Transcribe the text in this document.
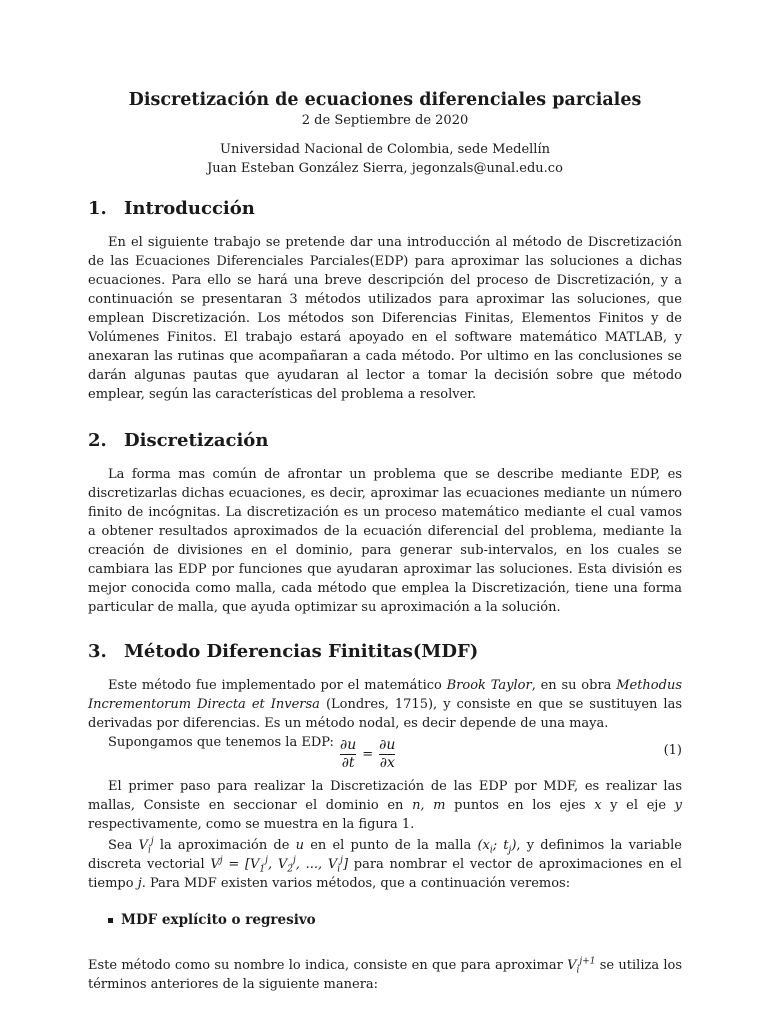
Discretización de ecuaciones diferenciales parciales
2 de Septiembre de 2020
Universidad Nacional de Colombia, sede Medellín
Juan Esteban González Sierra, jegonzals@unal.edu.co
1. Introducción

En el siguiente trabajo se pretende dar una introducción al método de Discretización de las Ecuaciones Diferenciales Parciales(EDP) para aproximar las soluciones a dichas ecuaciones. Para ello se hará una breve descripción del proceso de Discretización, y a continuación se presentaran 3 métodos utilizados para aproximar las soluciones, que emplean Discretización. Los métodos son Diferencias Finitas, Elementos Finitos y de Volúmenes Finitos. El trabajo estará apoyado en el software matemático MATLAB, y anexaran las rutinas que acompañaran a cada método. Por ultimo en las conclusiones se darán algunas pautas que ayudaran al lector a tomar la decisión sobre que método emplear, según las características del problema a resolver.

2. Discretización

La forma mas común de afrontar un problema que se describe mediante EDP, es discretizarlas dichas ecuaciones, es decir, aproximar las ecuaciones mediante un número finito de incógnitas. La discretización es un proceso matemático mediante el cual vamos a obtener resultados aproximados de la ecuación diferencial del problema, mediante la creación de divisiones en el dominio, para generar sub-intervalos, en los cuales se cambiara las EDP por funciones que ayudaran aproximar las soluciones. Esta división es mejor conocida como malla, cada método que emplea la Discretización, tiene una forma particular de malla, que ayuda optimizar su aproximación a la solución.

3. Método Diferencias Finititas(MDF)

Este método fue implementado por el matemático Brook Taylor, en su obra Methodus Incrementorum Directa et Inversa (Londres, 1715), y consiste en que se sustituyen las derivadas por diferencias. Es un método nodal, es decir depende de una maya.

Supongamos que tenemos la EDP: $\frac{\partial u}{\partial t} = \frac{\partial u}{\partial x}$	(1)

El primer paso para realizar la Discretización de las EDP por MDF, es realizar las mallas, Consiste en seccionar el dominio en n, m puntos en los ejes x y el eje y respectivamente, como se muestra en la figura 1.

Sea $V_i^j$ la aproximación de u en el punto de la malla ($x_i$; $t_j$), y definimos la variable discreta vectorial $V^j = [V_1^j$, $V_2^j$, ..., $V_i^j$] para nombrar el vector de aproximaciones en el tiempo j. Para MDF existen varios métodos, que a continuación veremos:

MDF explícito o regresivo

Este método como su nombre lo indica, consiste en que para aproximar $V_i^{j+1}$ se utiliza los términos anteriores de la siguiente manera:
